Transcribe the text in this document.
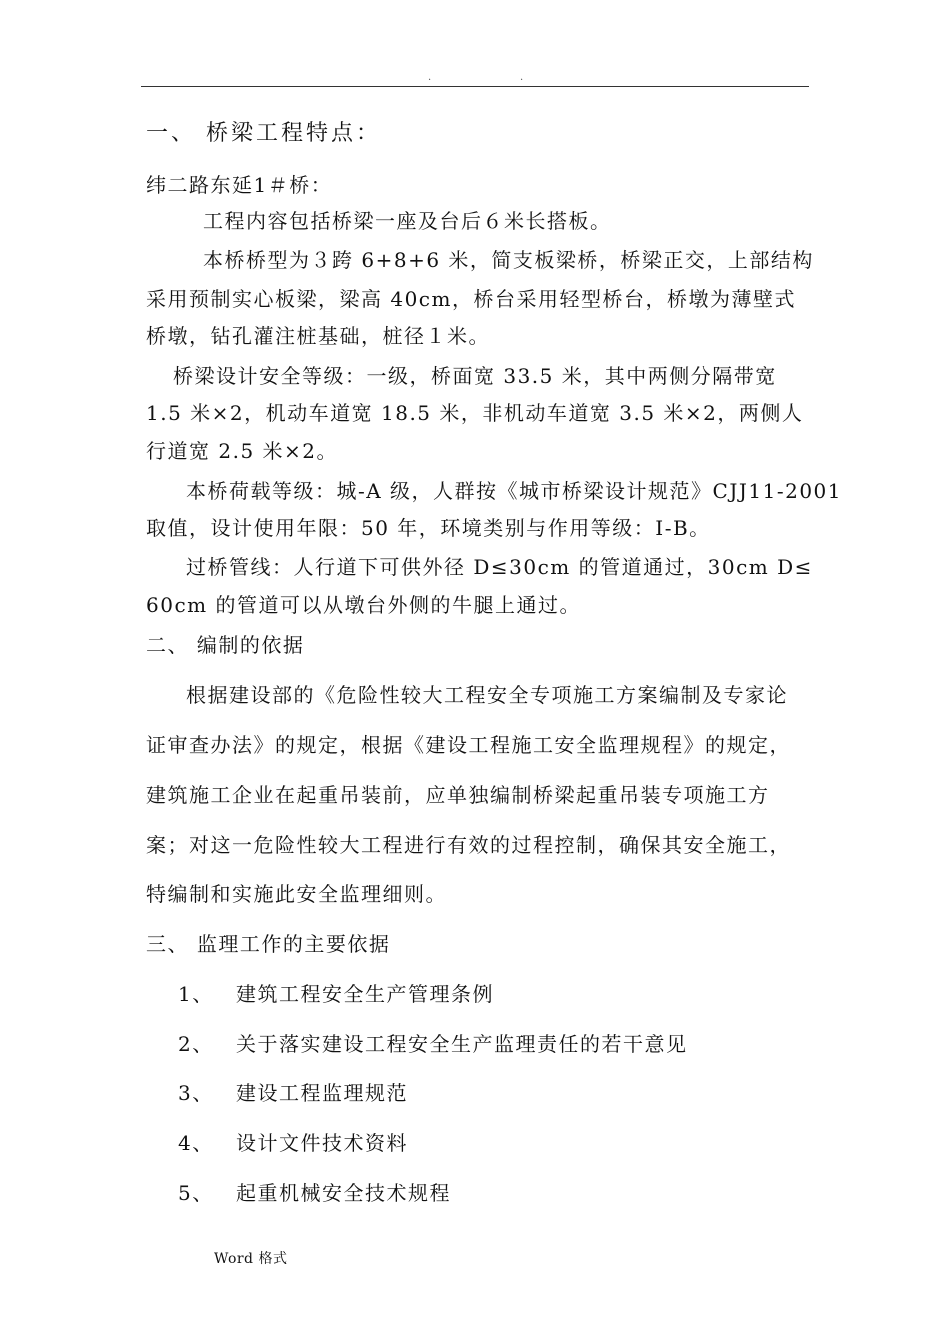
.	.
一、 桥梁工程特点：
纬二路东延1＃桥：
工程内容包括桥梁一座及台后６米长搭板。
本桥桥型为３跨 6+8+6 米，简支板梁桥，桥梁正交，上部结构
采用预制实心板梁，梁高 40cm，桥台采用轻型桥台，桥墩为薄壁式
桥墩，钻孔灌注桩基础，桩径１米。
桥梁设计安全等级：一级，桥面宽 33.5 米，其中两侧分隔带宽
1.5 米×2，机动车道宽 18.5 米，非机动车道宽 3.5 米×2，两侧人
行道宽 2.5 米×2。
本桥荷载等级：城-A 级，人群按《城市桥梁设计规范》CJJ11-2001
取值，设计使用年限：50 年，环境类别与作用等级：Ⅰ-B。
过桥管线：人行道下可供外径 D≤30cm 的管道通过，30cm D≤
60cm 的管道可以从墩台外侧的牛腿上通过。
二、 编制的依据
根据建设部的《危险性较大工程安全专项施工方案编制及专家论
证审查办法》的规定，根据《建设工程施工安全监理规程》的规定，
建筑施工企业在起重吊装前，应单独编制桥梁起重吊装专项施工方
案；对这一危险性较大工程进行有效的过程控制，确保其安全施工，
特编制和实施此安全监理细则。
三、 监理工作的主要依据
1、 建筑工程安全生产管理条例
2、 关于落实建设工程安全生产监理责任的若干意见
3、 建设工程监理规范
4、 设计文件技术资料
5、 起重机械安全技术规程
Word 格式
